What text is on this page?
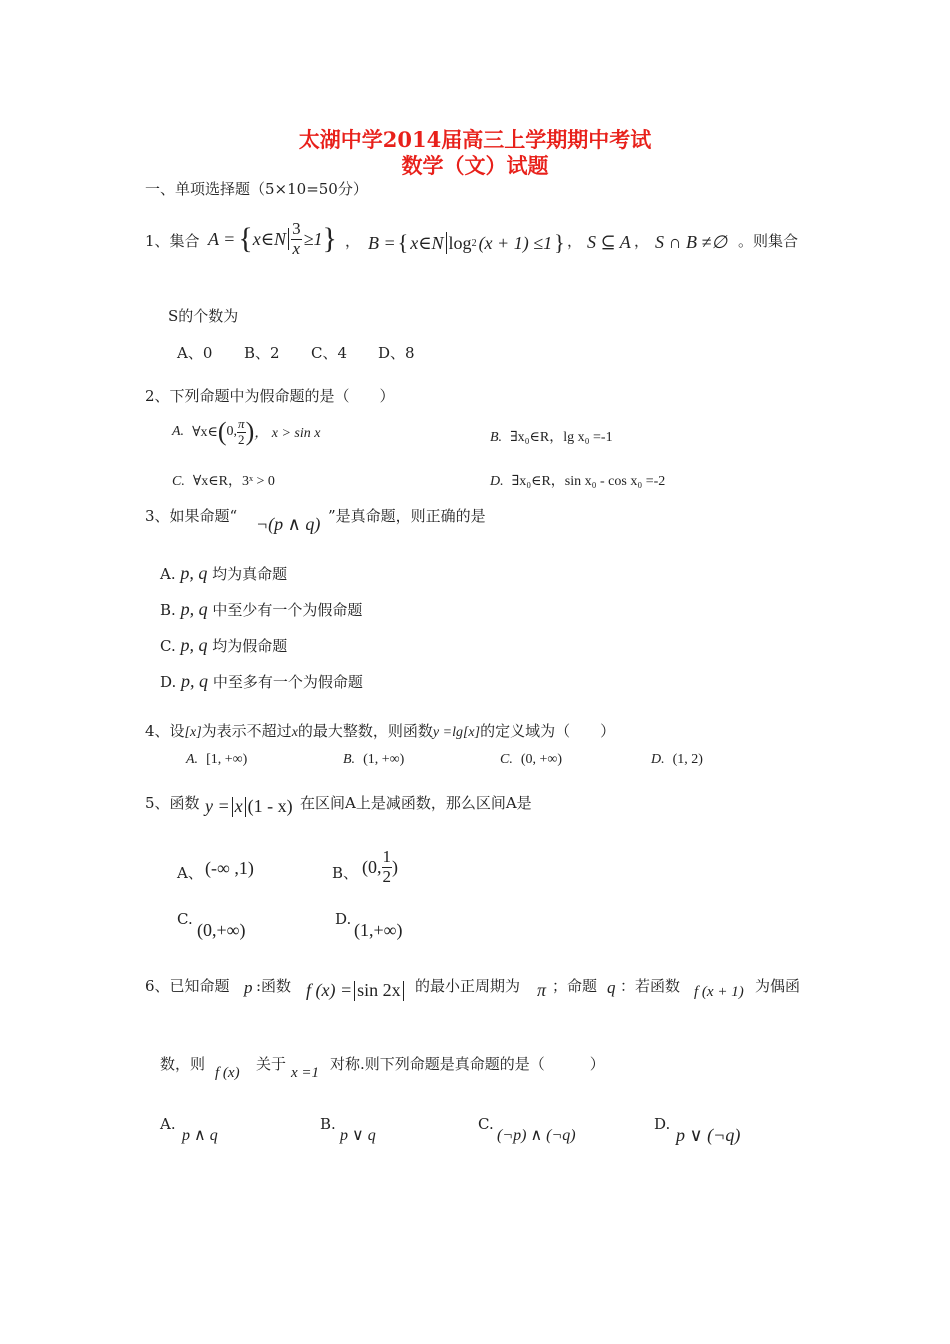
太湖中学2014届高三上学期期中考试
数学（文）试题
一、单项选择题（5×10=50分）
1、集合 A = { x∈N $\frac{3}{x} \ge 1$ } ， B = { x∈N log 2 (x + 1) ≤1 } ， S ⊆ A ， S ∩ B ≠∅ 。则集合
S的个数为
A、0 B、2 C、4 D、8
2、下列命题中为假命题的是（　　）
A. ∀x∈ ( 0, $\frac{\pi}{2}$ ) ， x > sin x	B. ∃x₀∈R，lg x₀ =-1
C. ∀x∈R，3ˣ > 0	D. ∃x₀∈R，sin x₀ - cos x₀ =-2
3、如果命题“ ¬(p ∧ q) ”是真命题，则正确的是
A. p, q 均为真命题
B. p, q 中至少有一个为假命题
C. p, q 均为假命题
D. p, q 中至多有一个为假命题
4、设[x]为表示不超过x的最大整数，则函数y =lg[x]的定义域为（　　）
A. [1, +∞)	B. (1, +∞)	C. (0, +∞)	D. (1, 2)
5、函数 y = x (1 - x) 在区间A上是减函数，那么区间A是
A、 (-∞ ,1)	B、 (0, $\frac{1}{2}$ )
C.
(0,+∞)
D.
(1,+∞)
6、已知命题 p :函数 f (x) = sin 2x 的最小正周期为 π ；命题 q ：若函数 f (x + 1) 为偶函
数，则 f (x) 关于 x =1 对称.则下列命题是真命题的是（　　　）
A.
p ∧ q
B.
p ∨ q
C.
(¬p) ∧ (¬q)
D.
p ∨ (¬q)
